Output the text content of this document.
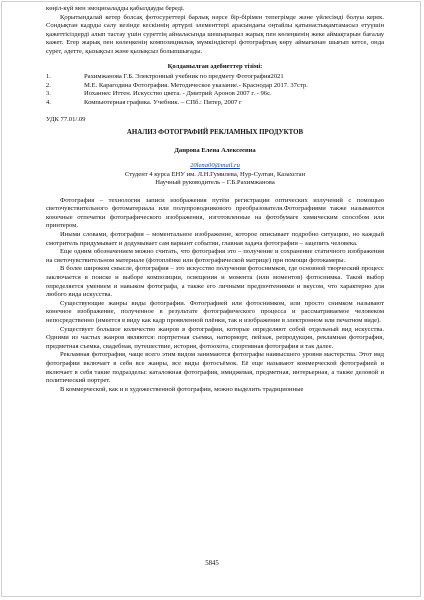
көңіл-күй мен эмоциоаладды қабылдауды береді.

Қорытындалай кетер болсақ фотосуреттері барлық нәрсе бір-бірімен тепегрімде және үйлесімді болуы керек. Сондықтан кадрды салу кезінде кескіннің әртүрлі элементтері арасындағы оңтайлы қатынастықамтамасыз етуүшін қажеттісіздерді алып тастау үшін суреттің айналасында шешырыңыз жарық пен көлеңкенің жеке аймақтарын бағалау кажет. Егер жарық пен көлеңкенің композициялық мүмкіндіктері фотографтың көру аймағынан шығып кетсе, онда сурет, әдетте, қызықсыз және қызықсыз болыпшығады.

Қолданылған әдебиеттер тізімі:

1.	Рахимжанова Г.Б. Электронный учебник по предмету Фотография2021
2.	М.Е. Карагодина Фотография. Методическое указание.- Краснодар 2017. 37стр.
3.	Иоханнес Иттен. Искусство цвета. - Дмитрий Аронов 2007 г. - 96с.
4.	Компьютерная графика. Учебник. – СПб.: Питер, 2007 г

УДК 77.01/.09

АНАЛИЗ ФОТОГРАФИЙ РЕКЛАМНЫХ ПРОДУКТОВ

Данрова Елена Алексеевна

20lena00@mail.ru

Студент 4 курса ЕНУ им. Л.Н.Гумилева, Нур-Султан, Казахстан

Научный руководитель – Г.Б.Рахимжанова

Фотография – технология записи изображения путём регистрации оптических излучений с помощью светочувствительного фотоматериала или полупроводникового преобразователя.Фотографиями также называются конечные отпечатки фотографического изображения, изготовленные на фотобумаге химическим способом или принтером.

Иными словами, фотография – моментальное изображение, которое описывает подробно ситуацию, но каждый смотритель придумывает и додумывает сам вариант событии, главная задача фотографии – зацепить человека.

Еще одним обозначением можно считать, что фотография это – получение и сохранение статичного изображения на светочувствительном материале (фотоплёнке или фотографической матрице) при помощи фотокамеры.

В более широком смысле, фотография – это искусство получения фотоснимков, где основной творческий процесс заключается в поиске и выборе композиции, освещения и момента (или моментов) фотоснимка. Такой выбор определяется умением и навыком фотографа, а также его личными предпочтениями и вкусом, что характерно для любого вида искусства.

Существующие жанры виды фотографии. Фотографией или фотоснимком, или просто снимком называют конечное изображение, полученное в результате фотографического процесса и рассматриваемое человеком непосредственно (имеется в виду как кадр проявленной плёнки, так и изображение в электронном или печатном виде).

Существует большое количество жанров в фотографии, которые определяют собой отдельный вид искусства. Одними из частых жанров являются: портретная съемка, натюрморт, пейзаж, репродукция, рекламная фотография, предметная съемка, свадебная, путешествие, история, фотоохота, спортивная фотография и так далее.

Рекламная фотография, чаще всего этим видом занимаются фотографы наивысшего уровня мастерства. Этот вид фотографии включает в себя все жанры, все виды фотосъёмок. Её еще называют коммерческой фотографией и включает в себя такие подразделы: каталожная фотография, имиджевая, предметная, интерьерная, а также деловой и политический портрет.

В коммерческой, как и в художественной фотографии, можно выделить традиционные

5845
